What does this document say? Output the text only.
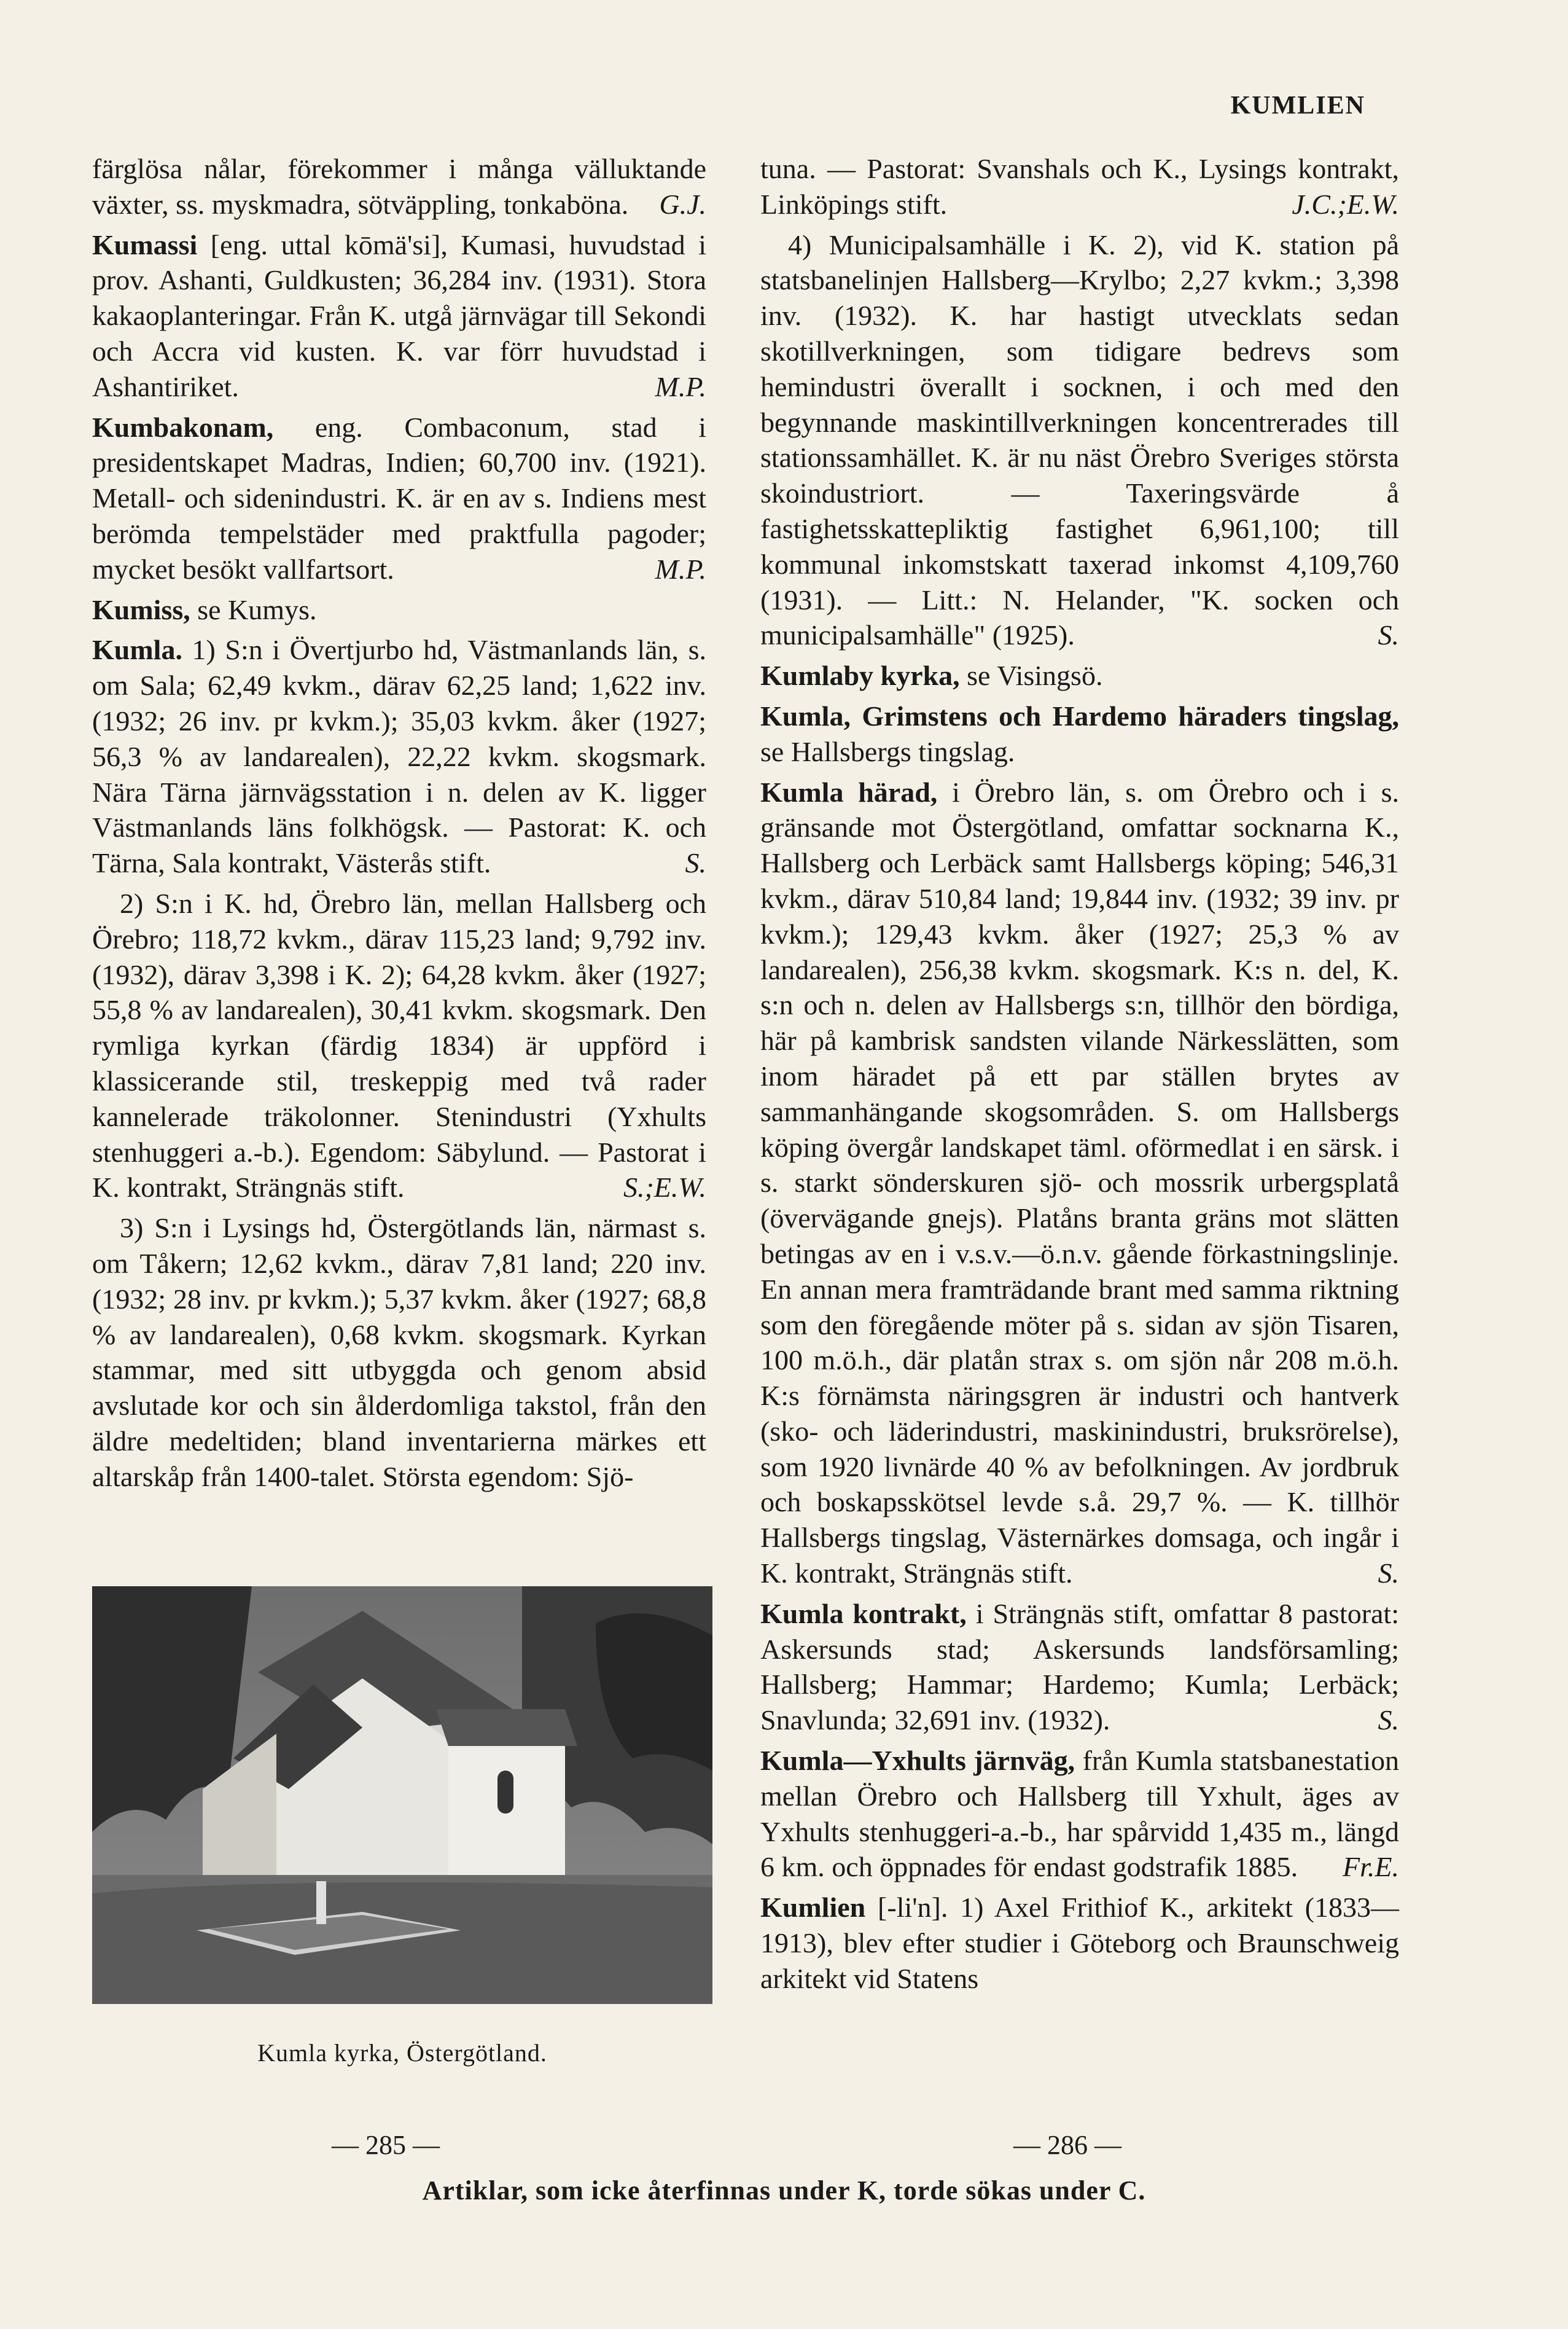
KUMLIEN

färglösa nålar, förekommer i många välluktande växter, ss. myskmadra, sötväppling, tonkaböna. G.J.

Kumassi [eng. uttal kōmä'si], Kumasi, huvudstad i prov. Ashanti, Guldkusten; 36,284 inv. (1931). Stora kakaoplanteringar. Från K. utgå järnvägar till Sekondi och Accra vid kusten. K. var förr huvudstad i Ashantiriket.	M.P.

Kumbakonam, eng. Combaconum, stad i presidentskapet Madras, Indien; 60,700 inv. (1921). Metall- och sidenindustri. K. är en av s. Indiens mest berömda tempelstäder med praktfulla pagoder; mycket besökt vallfartsort.	M.P.

Kumiss, se Kumys.

Kumla. 1) S:n i Övertjurbo hd, Västmanlands län, s. om Sala; 62,49 kvkm., därav 62,25 land; 1,622 inv. (1932; 26 inv. pr kvkm.); 35,03 kvkm. åker (1927; 56,3 % av landarealen), 22,22 kvkm. skogsmark. Nära Tärna järnvägsstation i n. delen av K. ligger Västmanlands läns folkhögsk. — Pastorat: K. och Tärna, Sala kontrakt, Västerås stift.	S.

2) S:n i K. hd, Örebro län, mellan Hallsberg och Örebro; 118,72 kvkm., därav 115,23 land; 9,792 inv. (1932), därav 3,398 i K. 2); 64,28 kvkm. åker (1927; 55,8 % av landarealen), 30,41 kvkm. skogsmark. Den rymliga kyrkan (färdig 1834) är uppförd i klassicerande stil, treskeppig med två rader kannelerade träkolonner. Stenindustri (Yxhults stenhuggeri a.-b.). Egendom: Säbylund. — Pastorat i K. kontrakt, Strängnäs stift.	S.;E.W.

3) S:n i Lysings hd, Östergötlands län, närmast s. om Tåkern; 12,62 kvkm., därav 7,81 land; 220 inv. (1932; 28 inv. pr kvkm.); 5,37 kvkm. åker (1927; 68,8 % av landarealen), 0,68 kvkm. skogsmark. Kyrkan stammar, med sitt utbyggda och genom absid avslutade kor och sin ålderdomliga takstol, från den äldre medeltiden; bland inventarierna märkes ett altarskåp från 1400-talet. Största egendom: Sjö-

tuna. — Pastorat: Svanshals och K., Lysings kontrakt, Linköpings stift.	J.C.;E.W.

4) Municipalsamhälle i K. 2), vid K. station på statsbanelinjen Hallsberg—Krylbo; 2,27 kvkm.; 3,398 inv. (1932). K. har hastigt utvecklats sedan skotillverkningen, som tidigare bedrevs som hemindustri överallt i socknen, i och med den begynnande maskintillverkningen koncentrerades till stationssamhället. K. är nu näst Örebro Sveriges största skoindustriort. — Taxeringsvärde å fastighetsskattepliktig fastighet 6,961,100; till kommunal inkomstskatt taxerad inkomst 4,109,760 (1931). — Litt.: N. Helander, "K. socken och municipalsamhälle" (1925).	S.

Kumlaby kyrka, se Visingsö.

Kumla, Grimstens och Hardemo häraders tingslag, se Hallsbergs tingslag.

Kumla härad, i Örebro län, s. om Örebro och i s. gränsande mot Östergötland, omfattar socknarna K., Hallsberg och Lerbäck samt Hallsbergs köping; 546,31 kvkm., därav 510,84 land; 19,844 inv. (1932; 39 inv. pr kvkm.); 129,43 kvkm. åker (1927; 25,3 % av landarealen), 256,38 kvkm. skogsmark. K:s n. del, K. s:n och n. delen av Hallsbergs s:n, tillhör den bördiga, här på kambrisk sandsten vilande Närkesslätten, som inom häradet på ett par ställen brytes av sammanhängande skogsområden. S. om Hallsbergs köping övergår landskapet täml. oförmedlat i en särsk. i s. starkt sönderskuren sjö- och mossrik urbergsplatå (övervägande gnejs). Platåns branta gräns mot slätten betingas av en i v.s.v.—ö.n.v. gående förkastningslinje. En annan mera framträdande brant med samma riktning som den föregående möter på s. sidan av sjön Tisaren, 100 m.ö.h., där platån strax s. om sjön når 208 m.ö.h. K:s förnämsta näringsgren är industri och hantverk (sko- och läderindustri, maskinindustri, bruksrörelse), som 1920 livnärde 40 % av befolkningen. Av jordbruk och boskapsskötsel levde s.å. 29,7 %. — K. tillhör Hallsbergs tingslag, Västernärkes domsaga, och ingår i K. kontrakt, Strängnäs stift.	S.

Kumla kontrakt, i Strängnäs stift, omfattar 8 pastorat: Askersunds stad; Askersunds landsförsamling; Hallsberg; Hammar; Hardemo; Kumla; Lerbäck; Snavlunda; 32,691 inv. (1932).	S.

Kumla—Yxhults järnväg, från Kumla statsbanestation mellan Örebro och Hallsberg till Yxhult, äges av Yxhults stenhuggeri-a.-b., har spårvidd 1,435 m., längd 6 km. och öppnades för endast godstrafik 1885. Fr.E.

Kumlien [-li'n]. 1) Axel Frithiof K., arkitekt (1833—1913), blev efter studier i Göteborg och Braunschweig arkitekt vid Statens

Kumla kyrka, Östergötland.
— 285 —	— 286 —
Artiklar, som icke återfinnas under K, torde sökas under C.
